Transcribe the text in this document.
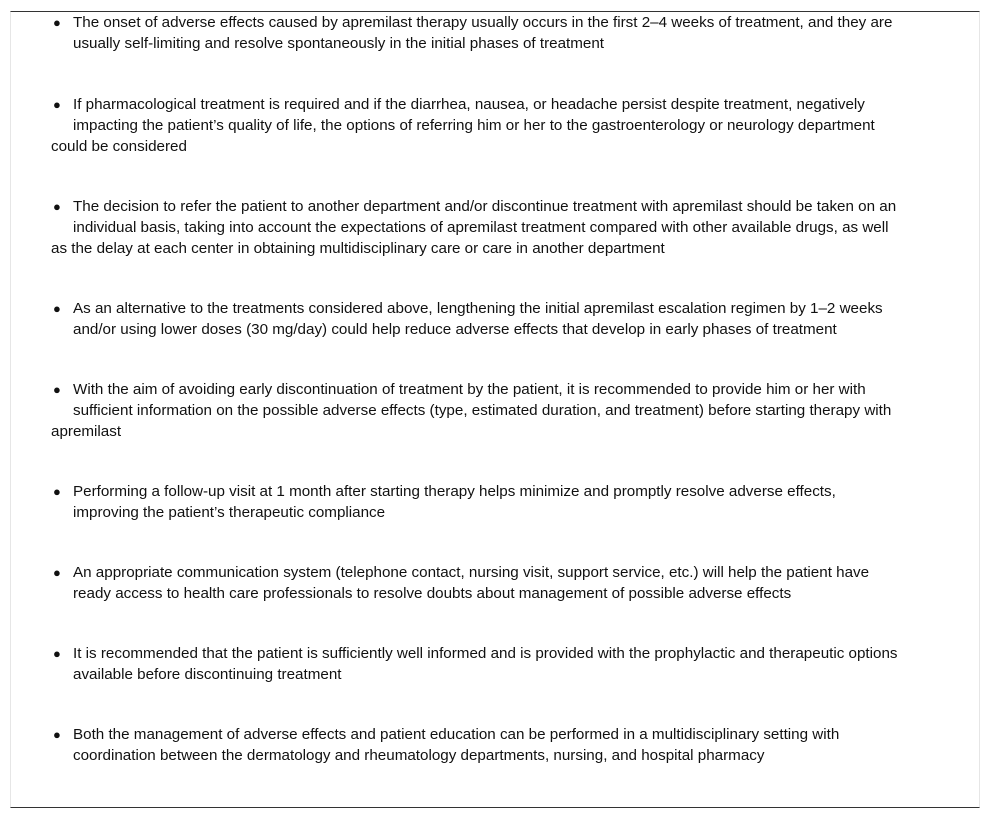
● The onset of adverse effects caused by apremilast therapy usually occurs in the first 2–4 weeks of treatment, and they are
usually self-limiting and resolve spontaneously in the initial phases of treatment
● If pharmacological treatment is required and if the diarrhea, nausea, or headache persist despite treatment, negatively
impacting the patient’s quality of life, the options of referring him or her to the gastroenterology or neurology department
could be considered
● The decision to refer the patient to another department and/or discontinue treatment with apremilast should be taken on an
individual basis, taking into account the expectations of apremilast treatment compared with other available drugs, as well
as the delay at each center in obtaining multidisciplinary care or care in another department
● As an alternative to the treatments considered above, lengthening the initial apremilast escalation regimen by 1–2 weeks
and/or using lower doses (30 mg/day) could help reduce adverse effects that develop in early phases of treatment
● With the aim of avoiding early discontinuation of treatment by the patient, it is recommended to provide him or her with
sufficient information on the possible adverse effects (type, estimated duration, and treatment) before starting therapy with
apremilast
● Performing a follow-up visit at 1 month after starting therapy helps minimize and promptly resolve adverse effects,
improving the patient’s therapeutic compliance
● An appropriate communication system (telephone contact, nursing visit, support service, etc.) will help the patient have
ready access to health care professionals to resolve doubts about management of possible adverse effects
● It is recommended that the patient is sufficiently well informed and is provided with the prophylactic and therapeutic options
available before discontinuing treatment
● Both the management of adverse effects and patient education can be performed in a multidisciplinary setting with
coordination between the dermatology and rheumatology departments, nursing, and hospital pharmacy
